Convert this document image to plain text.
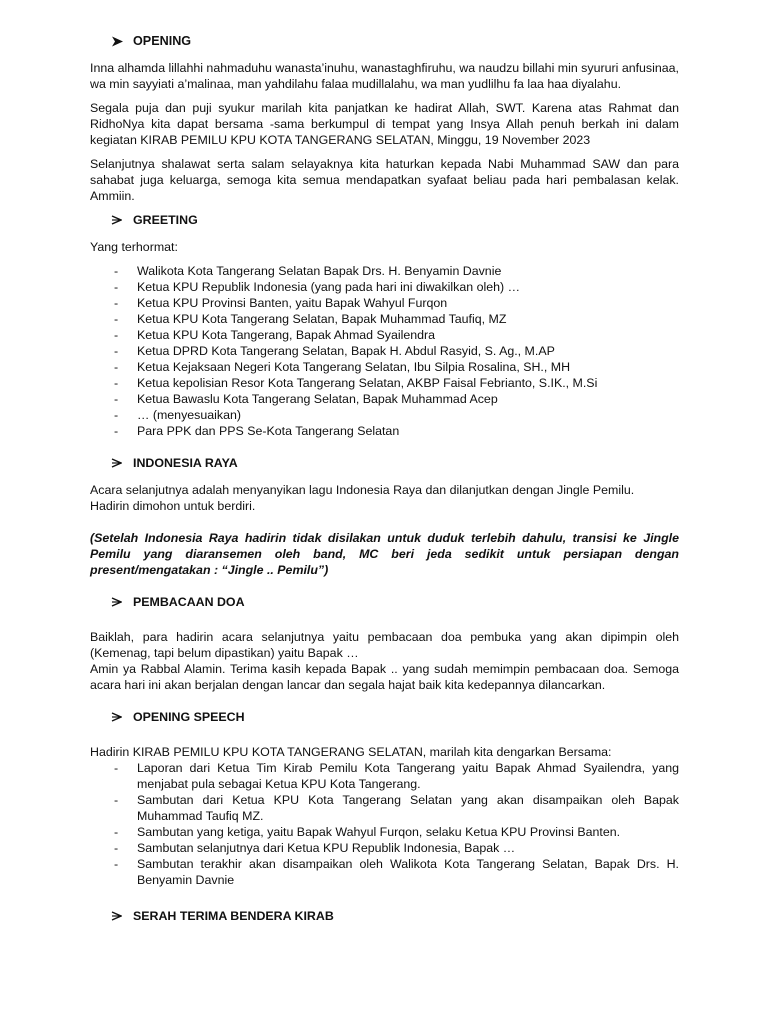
OPENING

Inna alhamda lillahhi nahmaduhu wanasta’inuhu, wanastaghfiruhu, wa naudzu billahi min syururi anfusinaa, wa min sayyiati a’malinaa, man yahdilahu falaa mudillalahu, wa man yudlilhu fa laa haa diyalahu.

Segala puja dan puji syukur marilah kita panjatkan ke hadirat Allah, SWT. Karena atas Rahmat dan RidhoNya kita dapat bersama -sama berkumpul di tempat yang Insya Allah penuh berkah ini dalam kegiatan KIRAB PEMILU KPU KOTA TANGERANG SELATAN, Minggu, 19 November 2023

Selanjutnya shalawat serta salam selayaknya kita haturkan kepada Nabi Muhammad SAW dan para sahabat juga keluarga, semoga kita semua mendapatkan syafaat beliau pada hari pembalasan kelak. Ammiin.

GREETING

Yang terhormat:

- Walikota Kota Tangerang Selatan Bapak Drs. H. Benyamin Davnie
- Ketua KPU Republik Indonesia (yang pada hari ini diwakilkan oleh) …
- Ketua KPU Provinsi Banten, yaitu Bapak Wahyul Furqon
- Ketua KPU Kota Tangerang Selatan, Bapak Muhammad Taufiq, MZ
- Ketua KPU Kota Tangerang, Bapak Ahmad Syailendra
- Ketua DPRD Kota Tangerang Selatan, Bapak H. Abdul Rasyid, S. Ag., M.AP
- Ketua Kejaksaan Negeri Kota Tangerang Selatan, Ibu Silpia Rosalina, SH., MH
- Ketua kepolisian Resor Kota Tangerang Selatan, AKBP Faisal Febrianto, S.IK., M.Si
- Ketua Bawaslu Kota Tangerang Selatan, Bapak Muhammad Acep
- … (menyesuaikan)
- Para PPK dan PPS Se-Kota Tangerang Selatan
INDONESIA RAYA

Acara selanjutnya adalah menyanyikan lagu Indonesia Raya dan dilanjutkan dengan Jingle Pemilu.

Hadirin dimohon untuk berdiri.

(Setelah Indonesia Raya hadirin tidak disilakan untuk duduk terlebih dahulu, transisi ke Jingle Pemilu yang diaransemen oleh band, MC beri jeda sedikit untuk persiapan dengan present/mengatakan : “Jingle .. Pemilu”)

PEMBACAAN DOA

Baiklah, para hadirin acara selanjutnya yaitu pembacaan doa pembuka yang akan dipimpin oleh (Kemenag, tapi belum dipastikan) yaitu Bapak …

Amin ya Rabbal Alamin. Terima kasih kepada Bapak .. yang sudah memimpin pembacaan doa. Semoga acara hari ini akan berjalan dengan lancar dan segala hajat baik kita kedepannya dilancarkan.

OPENING SPEECH

Hadirin KIRAB PEMILU KPU KOTA TANGERANG SELATAN, marilah kita dengarkan Bersama:

- Laporan dari Ketua Tim Kirab Pemilu Kota Tangerang yaitu Bapak Ahmad Syailendra, yang menjabat pula sebagai Ketua KPU Kota Tangerang.
- Sambutan dari Ketua KPU Kota Tangerang Selatan yang akan disampaikan oleh Bapak Muhammad Taufiq MZ.
- Sambutan yang ketiga, yaitu Bapak Wahyul Furqon, selaku Ketua KPU Provinsi Banten.
- Sambutan selanjutnya dari Ketua KPU Republik Indonesia, Bapak …
- Sambutan terakhir akan disampaikan oleh Walikota Kota Tangerang Selatan, Bapak Drs. H. Benyamin Davnie
SERAH TERIMA BENDERA KIRAB
